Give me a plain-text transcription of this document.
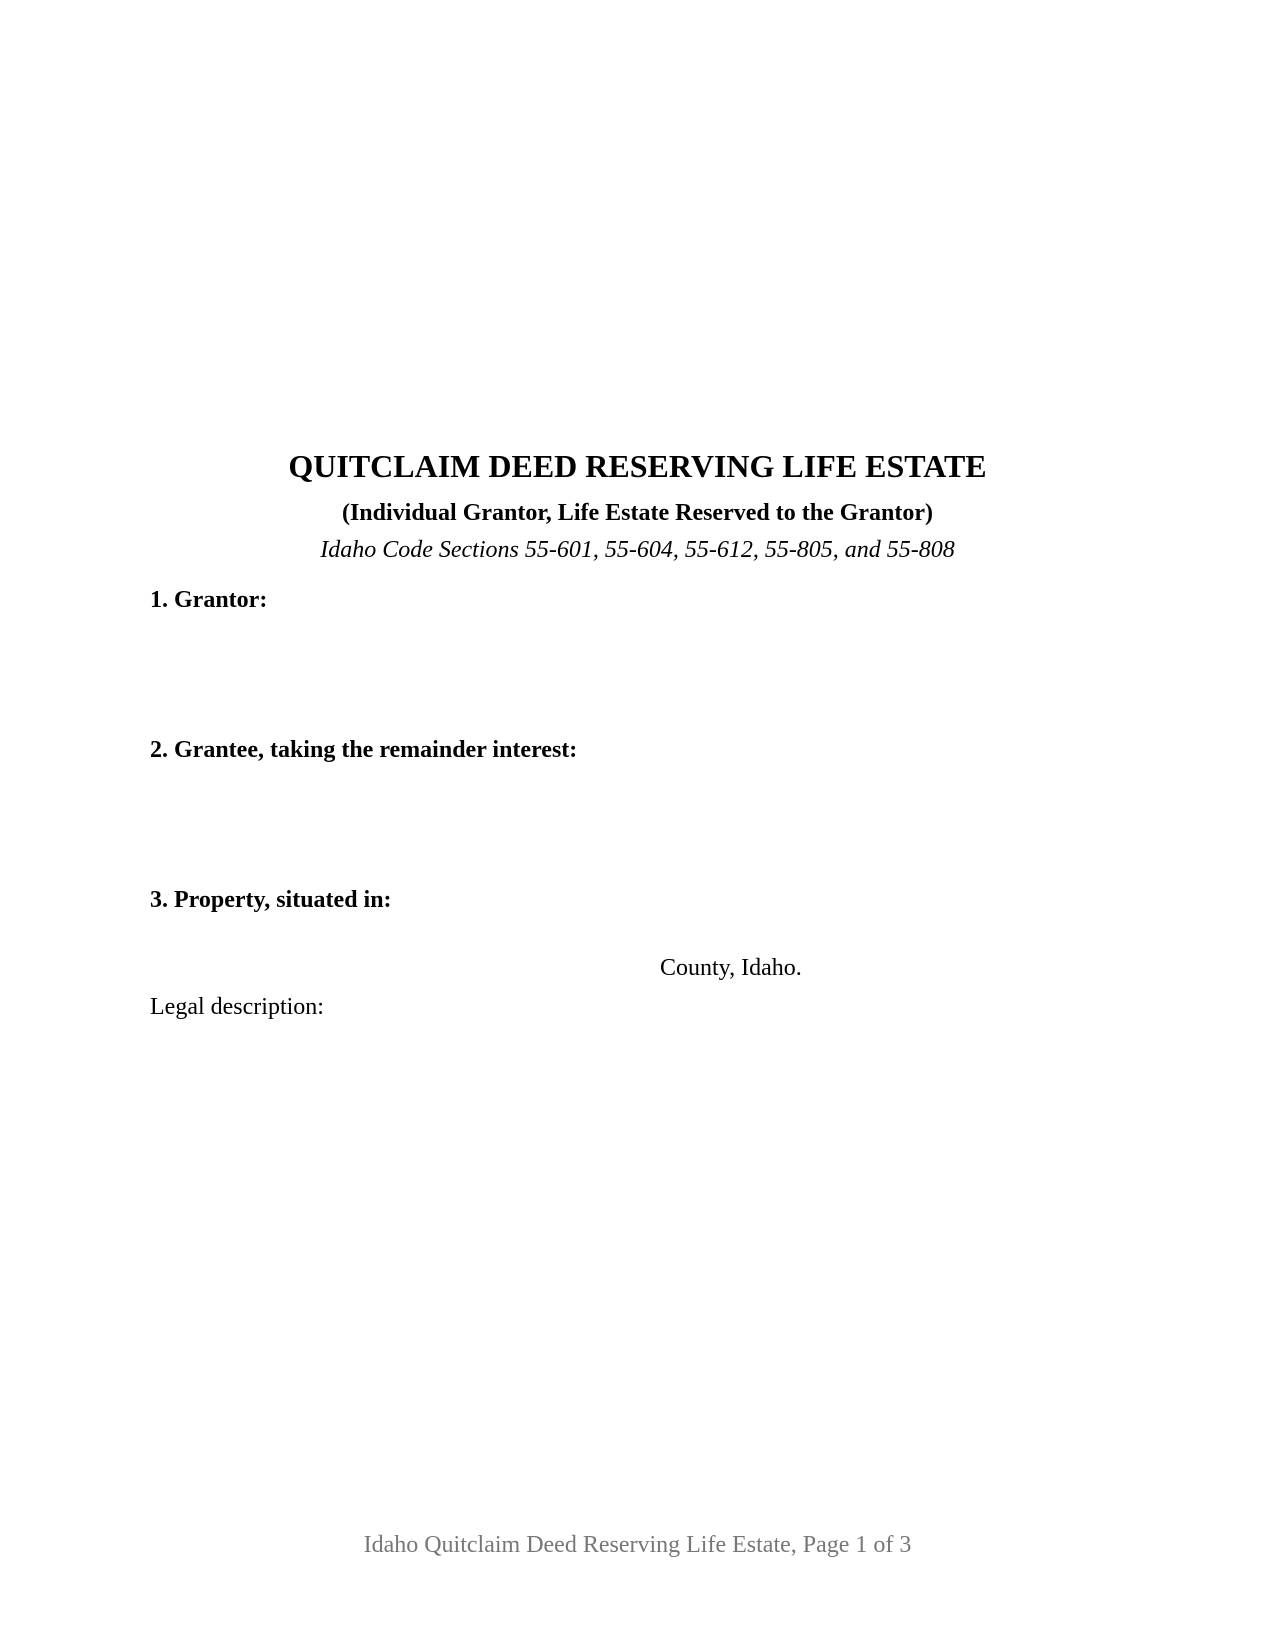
QUITCLAIM DEED RESERVING LIFE ESTATE

(Individual Grantor, Life Estate Reserved to the Grantor)

Idaho Code Sections 55-601, 55-604, 55-612, 55-805, and 55-808

1. Grantor:

2. Grantee, taking the remainder interest:

3. Property, situated in:

County, Idaho.

Legal description:

Idaho Quitclaim Deed Reserving Life Estate, Page 1 of 3
